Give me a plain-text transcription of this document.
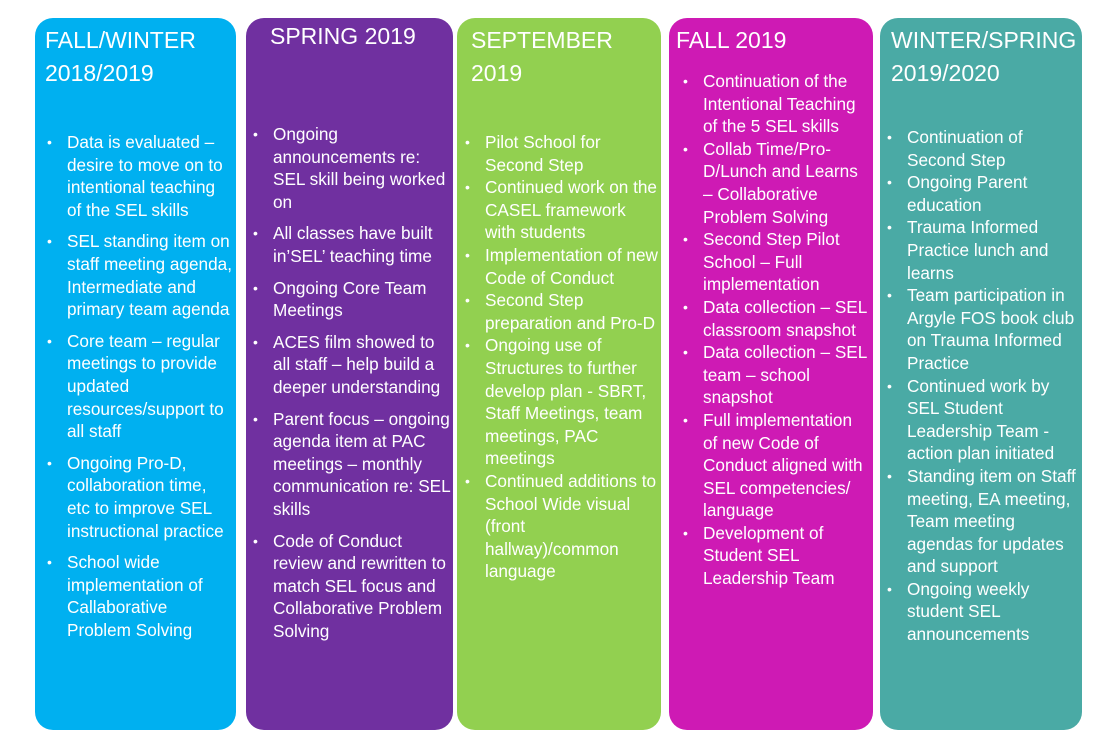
FALL/WINTER
2018/2019
• Data is evaluated – desire to move on to intentional teaching of the SEL skills
• SEL standing item on staff meeting agenda, Intermediate and primary team agenda
• Core team – regular meetings to provide updated resources/support to all staff
• Ongoing Pro-D, collaboration time, etc to improve SEL instructional practice
• School wide implementation of Callaborative Problem Solving
SPRING 2019
• Ongoing announcements re: SEL skill being worked on
• All classes have built in’SEL’ teaching time
• Ongoing Core Team Meetings
• ACES film showed to all staff – help build a deeper understanding
• Parent focus – ongoing agenda item at PAC meetings – monthly communication re: SEL skills
• Code of Conduct review and rewritten to match SEL focus and Collaborative Problem Solving
SEPTEMBER
2019
• Pilot School for Second Step
• Continued work on the CASEL framework with students
• Implementation of new Code of Conduct
• Second Step preparation and Pro-D
• Ongoing use of Structures to further develop plan - SBRT, Staff Meetings, team meetings, PAC meetings
• Continued additions to School Wide visual (front hallway)/common language
FALL 2019
• Continuation of the Intentional Teaching of the 5 SEL skills
• Collab Time/Pro-D/Lunch and Learns – Collaborative Problem Solving
• Second Step Pilot School – Full implementation
• Data collection – SEL classroom snapshot
• Data collection – SEL team – school snapshot
• Full implementation of new Code of Conduct aligned with SEL competencies/ language
• Development of Student SEL Leadership Team
WINTER/SPRING
2019/2020
• Continuation of Second Step
• Ongoing Parent education
• Trauma Informed Practice lunch and learns
• Team participation in Argyle FOS book club on Trauma Informed Practice
• Continued work by SEL Student Leadership Team - action plan initiated
• Standing item on Staff meeting, EA meeting, Team meeting agendas for updates and support
• Ongoing weekly student SEL announcements
